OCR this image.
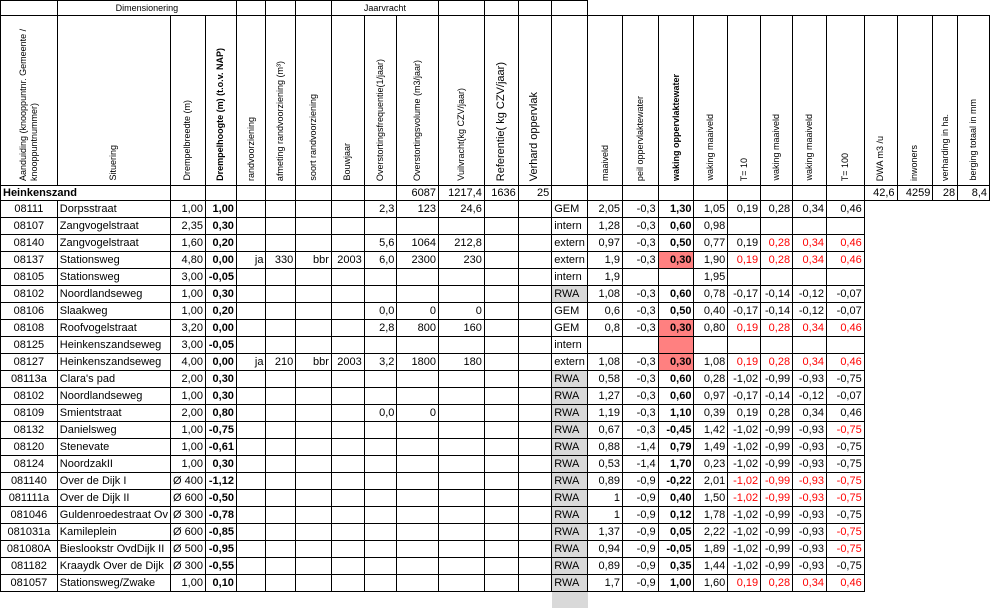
	Dimensionering						Jaarvracht																		

Aanduiding (knooppuntnr. Gemeente / knooppuntnummer)	Situering	Drempelbreedte (m)	Drempelhoogte (m) (t.o.v. NAP)	randvoorziening	afmeting randvoorziening (m³)	soort randvoorziening	Bouwjaar	Overstortingsfrequentie(1/jaar)	Overstortingsvolume (m3/jaar)	Vuilvracht(kg CZV/jaar)	Referentie( kg CZV/jaar)	Verhard oppervlak		maaiveld	peil oppervlaktewater	waking oppervlaktewater	waking maaiveld	T= 10	waking maaiveld	waking maaiveld	T= 100	DWA m3 /u	inwoners	verharding in ha.	berging totaal in mm

Heinkenszand									6087	1217,4	1636	25										42,6	4259	28	8,4
08111	Dorpsstraat	1,00	1,00					2,3	123	24,6			GEM	2,05	-0,3	1,30	1,05	0,19	0,28	0,34	0,46				
08107	Zangvogelstraat	2,35	0,30										intern	1,28	-0,3	0,60	0,98								
08140	Zangvogelstraat	1,60	0,20					5,6	1064	212,8			extern	0,97	-0,3	0,50	0,77	0,19	0,28	0,34	0,46				
08137	Stationsweg	4,80	0,00	ja	330	bbr	2003	6,0	2300	230			extern	1,9	-0,3	0,30	1,90	0,19	0,28	0,34	0,46				
08105	Stationsweg	3,00	-0,05										intern	1,9			1,95								
08102	Noordlandseweg	1,00	0,30										RWA	1,08	-0,3	0,60	0,78	-0,17	-0,14	-0,12	-0,07				
08106	Slaakweg	1,00	0,20					0,0	0	0			GEM	0,6	-0,3	0,50	0,40	-0,17	-0,14	-0,12	-0,07				
08108	Roofvogelstraat	3,20	0,00					2,8	800	160			GEM	0,8	-0,3	0,30	0,80	0,19	0,28	0,34	0,46				
08125	Heinkenszandseweg	3,00	-0,05										intern												
08127	Heinkenszandseweg	4,00	0,00	ja	210	bbr	2003	3,2	1800	180			extern	1,08	-0,3	0,30	1,08	0,19	0,28	0,34	0,46				
08113a	Clara's pad	2,00	0,30										RWA	0,58	-0,3	0,60	0,28	-1,02	-0,99	-0,93	-0,75				
08102	Noordlandseweg	1,00	0,30										RWA	1,27	-0,3	0,60	0,97	-0,17	-0,14	-0,12	-0,07				
08109	Smientstraat	2,00	0,80					0,0	0				RWA	1,19	-0,3	1,10	0,39	0,19	0,28	0,34	0,46				
08132	Danielsweg	1,00	-0,75										RWA	0,67	-0,3	-0,45	1,42	-1,02	-0,99	-0,93	-0,75				
08120	Stenevate	1,00	-0,61										RWA	0,88	-1,4	0,79	1,49	-1,02	-0,99	-0,93	-0,75				
08124	NoordzakII	1,00	0,30										RWA	0,53	-1,4	1,70	0,23	-1,02	-0,99	-0,93	-0,75				
081140	Over de Dijk I	Ø 400	-1,12										RWA	0,89	-0,9	-0,22	2,01	-1,02	-0,99	-0,93	-0,75				
081111a	Over de Dijk II	Ø 600	-0,50										RWA	1	-0,9	0,40	1,50	-1,02	-0,99	-0,93	-0,75				
081046	Guldenroedestraat Ov	Ø 300	-0,78										RWA	1	-0,9	0,12	1,78	-1,02	-0,99	-0,93	-0,75				
081031a	Kamileplein	Ø 600	-0,85										RWA	1,37	-0,9	0,05	2,22	-1,02	-0,99	-0,93	-0,75				
081080A	Bieslookstr OvdDijk II	Ø 500	-0,95										RWA	0,94	-0,9	-0,05	1,89	-1,02	-0,99	-0,93	-0,75				
081182	Kraaydk Over de Dijk	Ø 300	-0,55										RWA	0,89	-0,9	0,35	1,44	-1,02	-0,99	-0,93	-0,75				
081057	Stationsweg/Zwake	1,00	0,10										RWA	1,7	-0,9	1,00	1,60	0,19	0,28	0,34	0,46				
